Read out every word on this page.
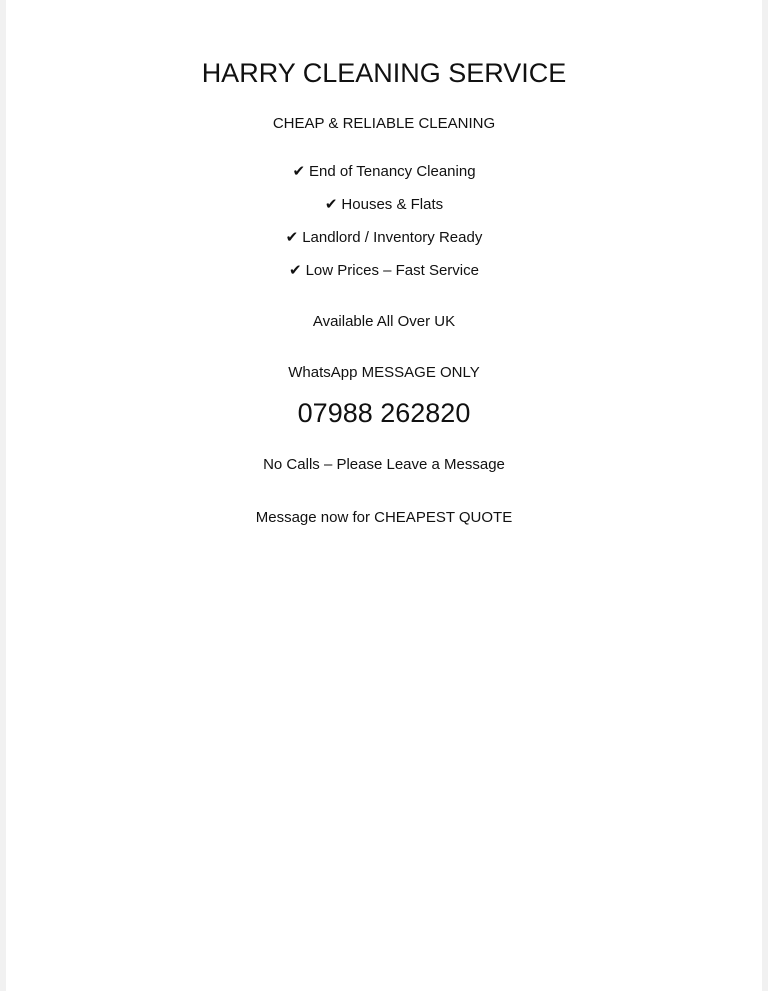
HARRY CLEANING SERVICE
CHEAP & RELIABLE CLEANING
✔ End of Tenancy Cleaning
✔ Houses & Flats
✔ Landlord / Inventory Ready
✔ Low Prices – Fast Service
Available All Over UK
WhatsApp MESSAGE ONLY
07988 262820
No Calls – Please Leave a Message
Message now for CHEAPEST QUOTE
